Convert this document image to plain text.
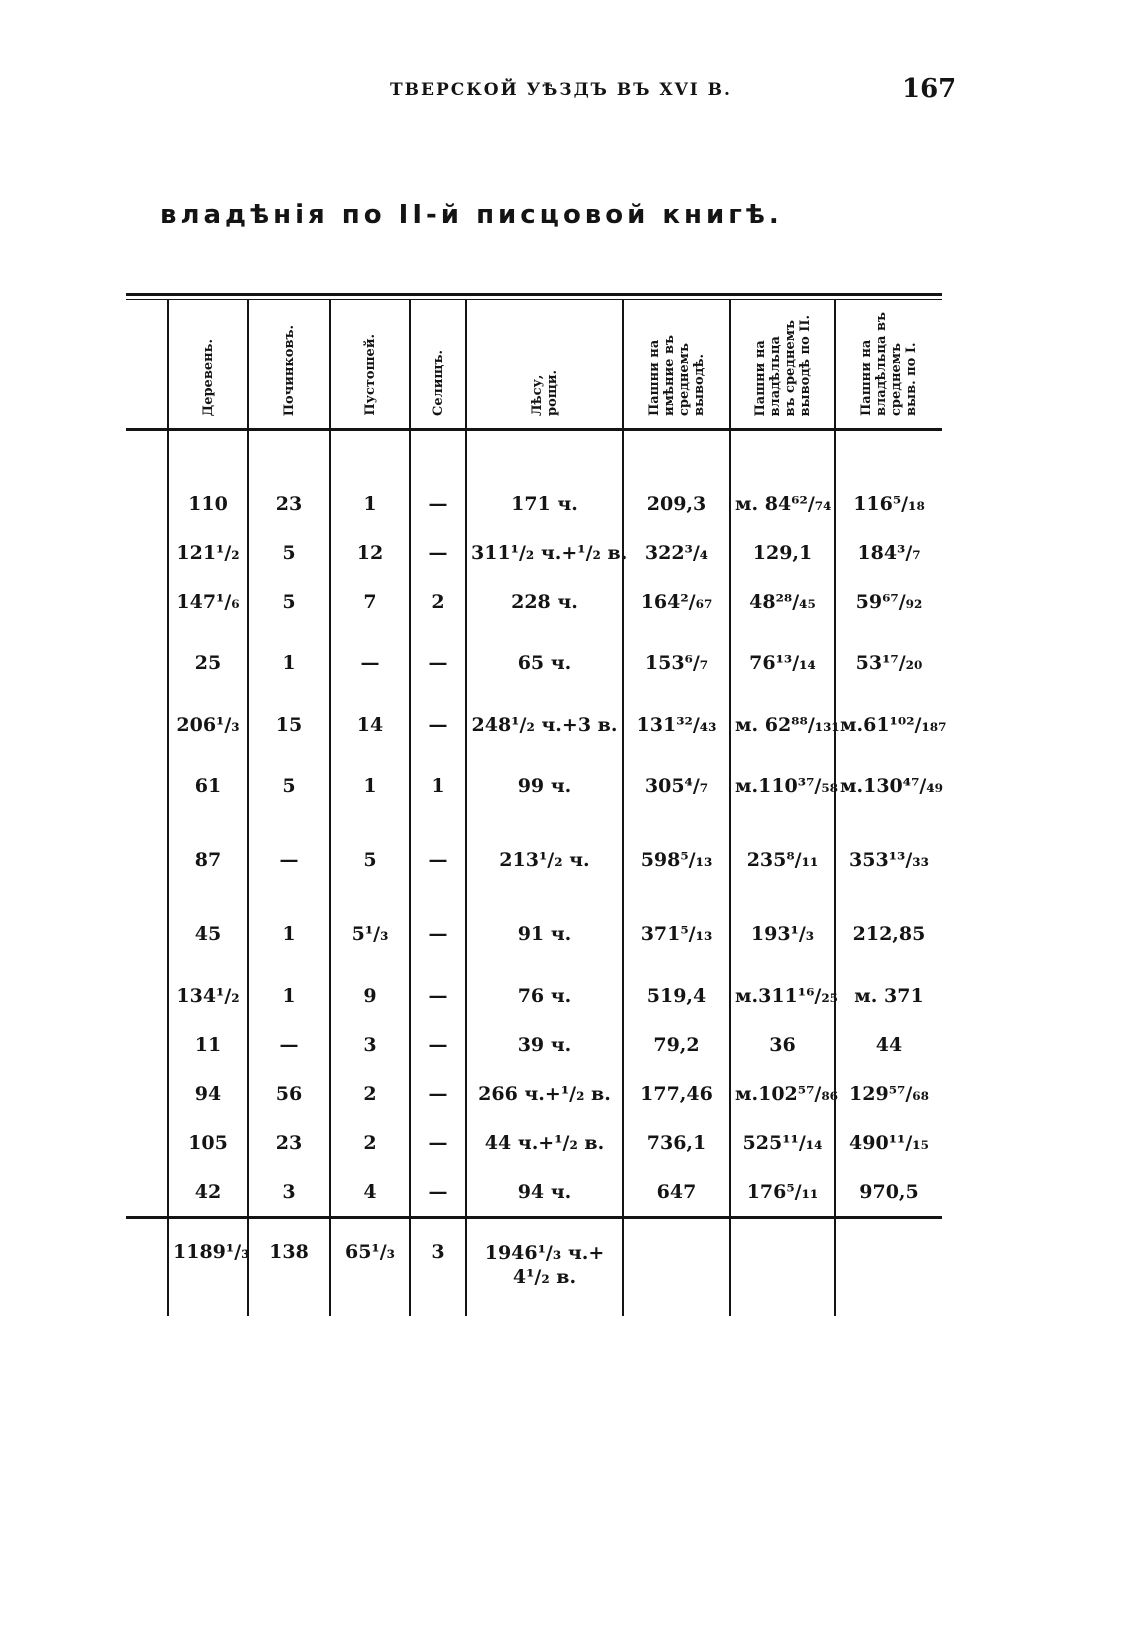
ТВЕРСКОЙ УѢЗДЪ ВЪ XVI В.	167
владѣнія по II-й писцовой книгѣ.
	Деревень.	Починковъ.	Пустошей.	Селищъ.	Лѣсу,
рощи.	Пашни на
имѣние въ
среднемъ
выводѣ.	Пашни на
владѣльца
въ среднемъ
выводѣ по II.	Пашни на
владѣльца въ
среднемъ
выв. по I.

	110	23	1	—	171 ч.	209,3	м. 84⁶²/₇₄	116⁵/₁₈
	121¹/₂	5	12	—	311¹/₂ ч.+¹/₂ в.	322³/₄	129,1	184³/₇
	147¹/₆	5	7	2	228 ч.	164²/₆₇	48²⁸/₄₅	59⁶⁷/₉₂
	25	1	—	—	65 ч.	153⁶/₇	76¹³/₁₄	53¹⁷/₂₀
	206¹/₃	15	14	—	248¹/₂ ч.+3 в.	131³²/₄₃	м. 62⁸⁸/₁₃₁	м.61¹⁰²/₁₈₇
	61	5	1	1	99 ч.	305⁴/₇	м.110³⁷/₅₈	м.130⁴⁷/₄₉
	87	—	5	—	213¹/₂ ч.	598⁵/₁₃	235⁸/₁₁	353¹³/₃₃
	45	1	5¹/₃	—	91 ч.	371⁵/₁₃	193¹/₃	212,85
	134¹/₂	1	9	—	76 ч.	519,4	м.311¹⁶/₂₅	м. 371
	11	—	3	—	39 ч.	79,2	36	44
	94	56	2	—	266 ч.+¹/₂ в.	177,46	м.102⁵⁷/₈₆	129⁵⁷/₆₈
	105	23	2	—	44 ч.+¹/₂ в.	736,1	525¹¹/₁₄	490¹¹/₁₅
	42	3	4	—	94 ч.	647	176⁵/₁₁	970,5
	1189¹/₃	138	65¹/₃	3	1946¹/₃ ч.+ 4¹/₂ в.			
